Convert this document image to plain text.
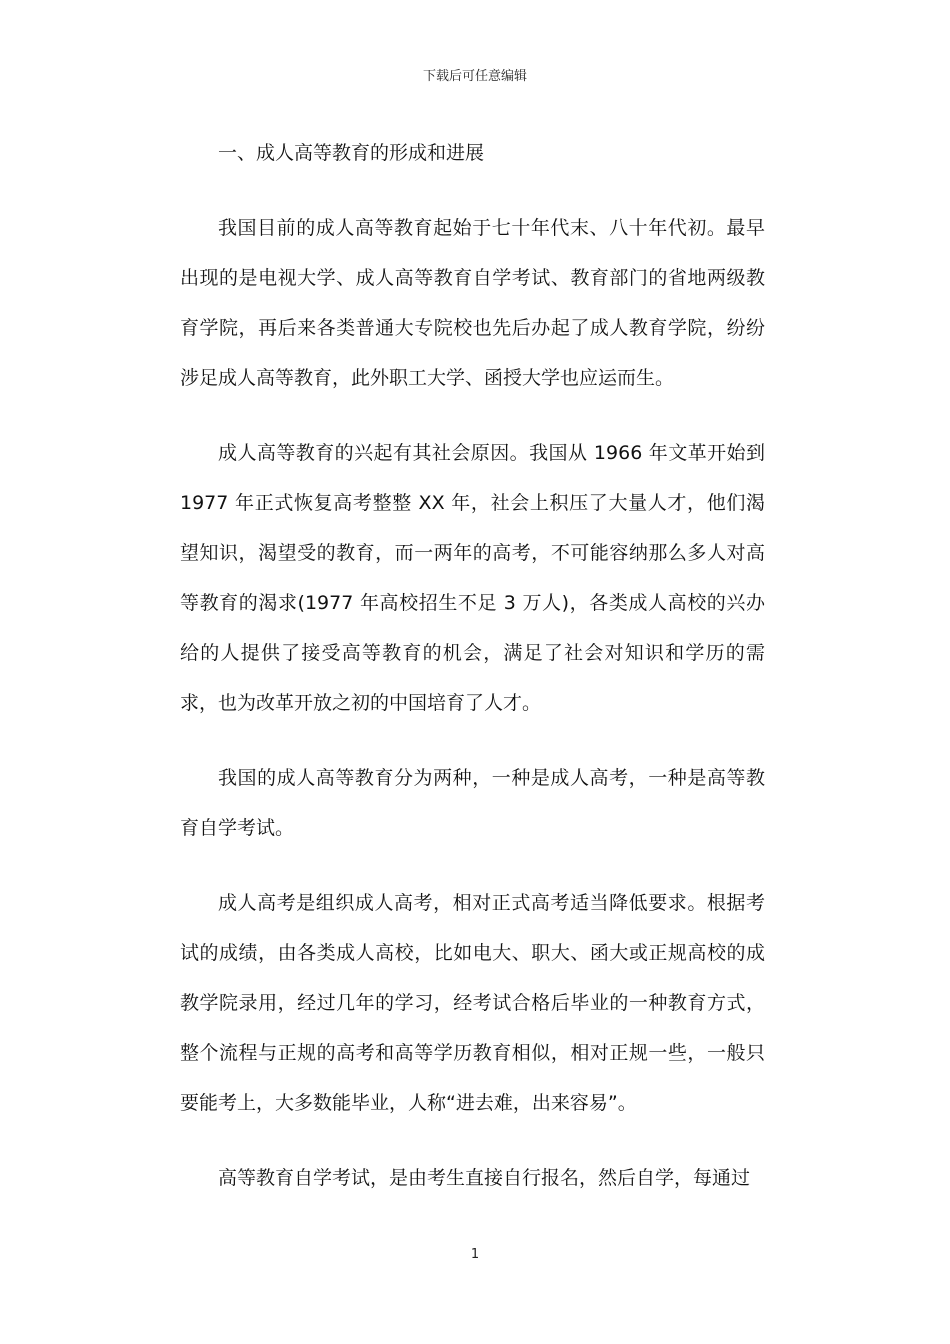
下载后可任意编辑

一、成人高等教育的形成和进展

我国目前的成人高等教育起始于七十年代末、八十年代初。最早出现的是电视大学、成人高等教育自学考试、教育部门的省地两级教育学院，再后来各类普通大专院校也先后办起了成人教育学院，纷纷涉足成人高等教育，此外职工大学、函授大学也应运而生。

成人高等教育的兴起有其社会原因。我国从 1966 年文革开始到 1977 年正式恢复高考整整 XX 年，社会上积压了大量人才，他们渴望知识，渴望受的教育，而一两年的高考，不可能容纳那么多人对高等教育的渴求(1977 年高校招生不足 3 万人)，各类成人高校的兴办给的人提供了接受高等教育的机会，满足了社会对知识和学历的需求，也为改革开放之初的中国培育了人才。

我国的成人高等教育分为两种，一种是成人高考，一种是高等教育自学考试。

成人高考是组织成人高考，相对正式高考适当降低要求。根据考试的成绩，由各类成人高校，比如电大、职大、函大或正规高校的成教学院录用，经过几年的学习，经考试合格后毕业的一种教育方式，整个流程与正规的高考和高等学历教育相似，相对正规一些，一般只要能考上，大多数能毕业，人称“进去难，出来容易”。

高等教育自学考试，是由考生直接自行报名，然后自学，每通过

1
